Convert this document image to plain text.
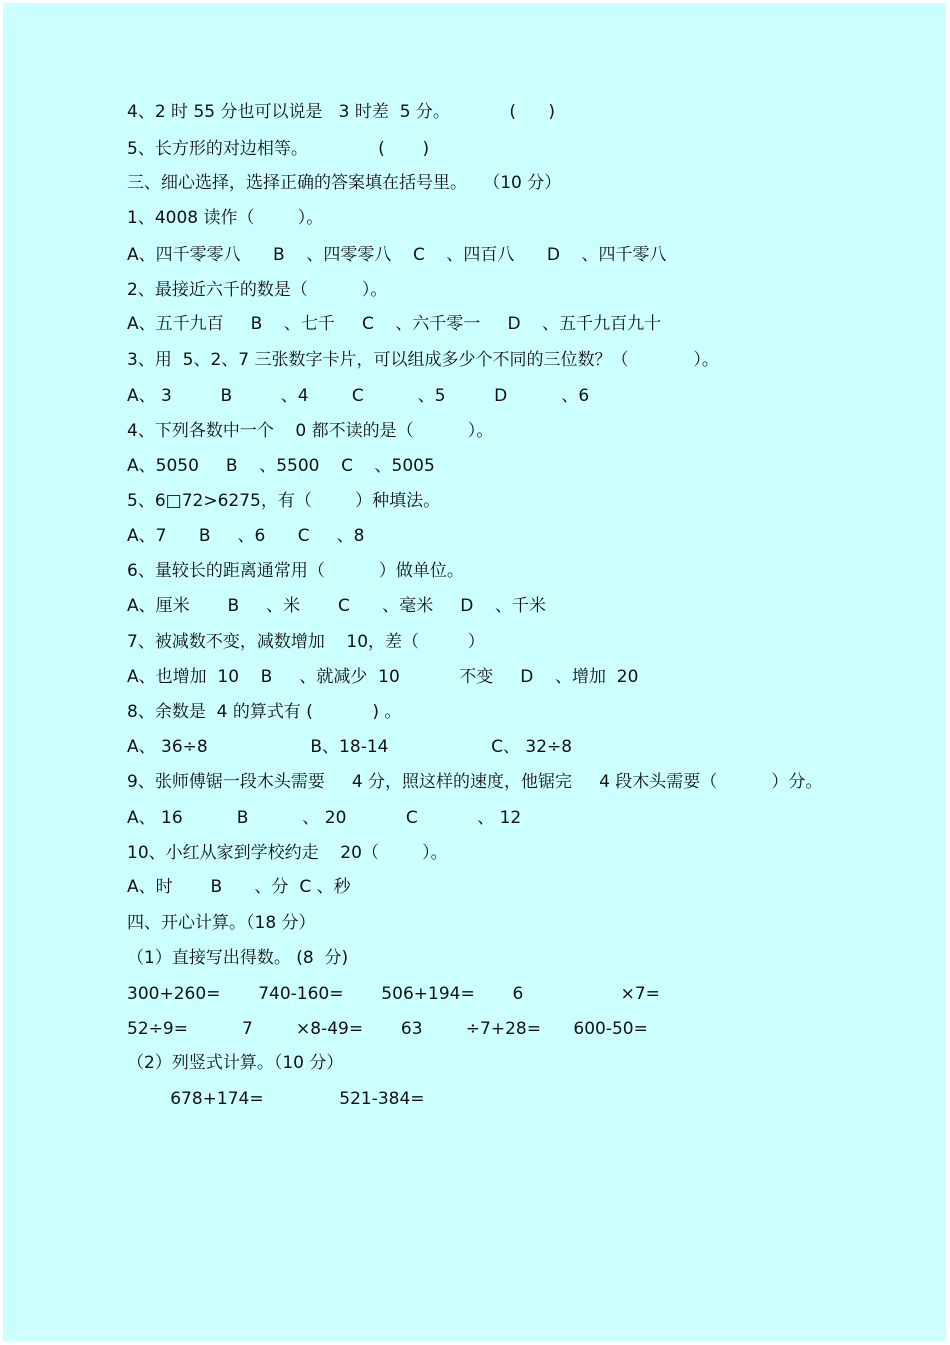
4、2 时 55 分也可以说是   3 时差  5 分。           (      )
5、长方形的对边相等。             (       )
三、细心选择，选择正确的答案填在括号里。   （10 分）
1、4008 读作（        ）。
A、四千零零八      B    、四零零八    C    、四百八      D    、四千零八
2、最接近六千的数是（          ）。
A、五千九百     B    、七千     C    、六千零一     D    、五千九百九十
3、用  5、2、7 三张数字卡片，可以组成多少个不同的三位数？（            ）。
A、 3         B         、4        C          、5         D          、6
4、下列各数中一个    0 都不读的是（          ）。
A、5050     B    、5500    C    、5005
5、6□72>6275，有（        ）种填法。
A、7      B     、6      C     、8
6、量较长的距离通常用（          ）做单位。
A、厘米       B     、米       C      、毫米     D    、千米
7、被减数不变，减数增加    10，差（         ）
A、也增加  10    B     、就减少  10           不变     D    、增加  20
8、余数是  4 的算式有 (           ) 。
A、 36÷8                   B、18-14                   C、 32÷8
9、张师傅锯一段木头需要     4 分，照这样的速度，他锯完     4 段木头需要（          ）分。
A、 16          B          、 20           C           、 12
10、小红从家到学校约走    20（        ）。
A、时       B      、分  C 、秒
四、开心计算。（18 分）
（1）直接写出得数。 (8  分)
300+260=       740-160=       506+194=       6                  ×7=
52÷9=          7        ×8-49=       63        ÷7+28=      600-50=
（2）列竖式计算。（10 分）
678+174=              521-384=
